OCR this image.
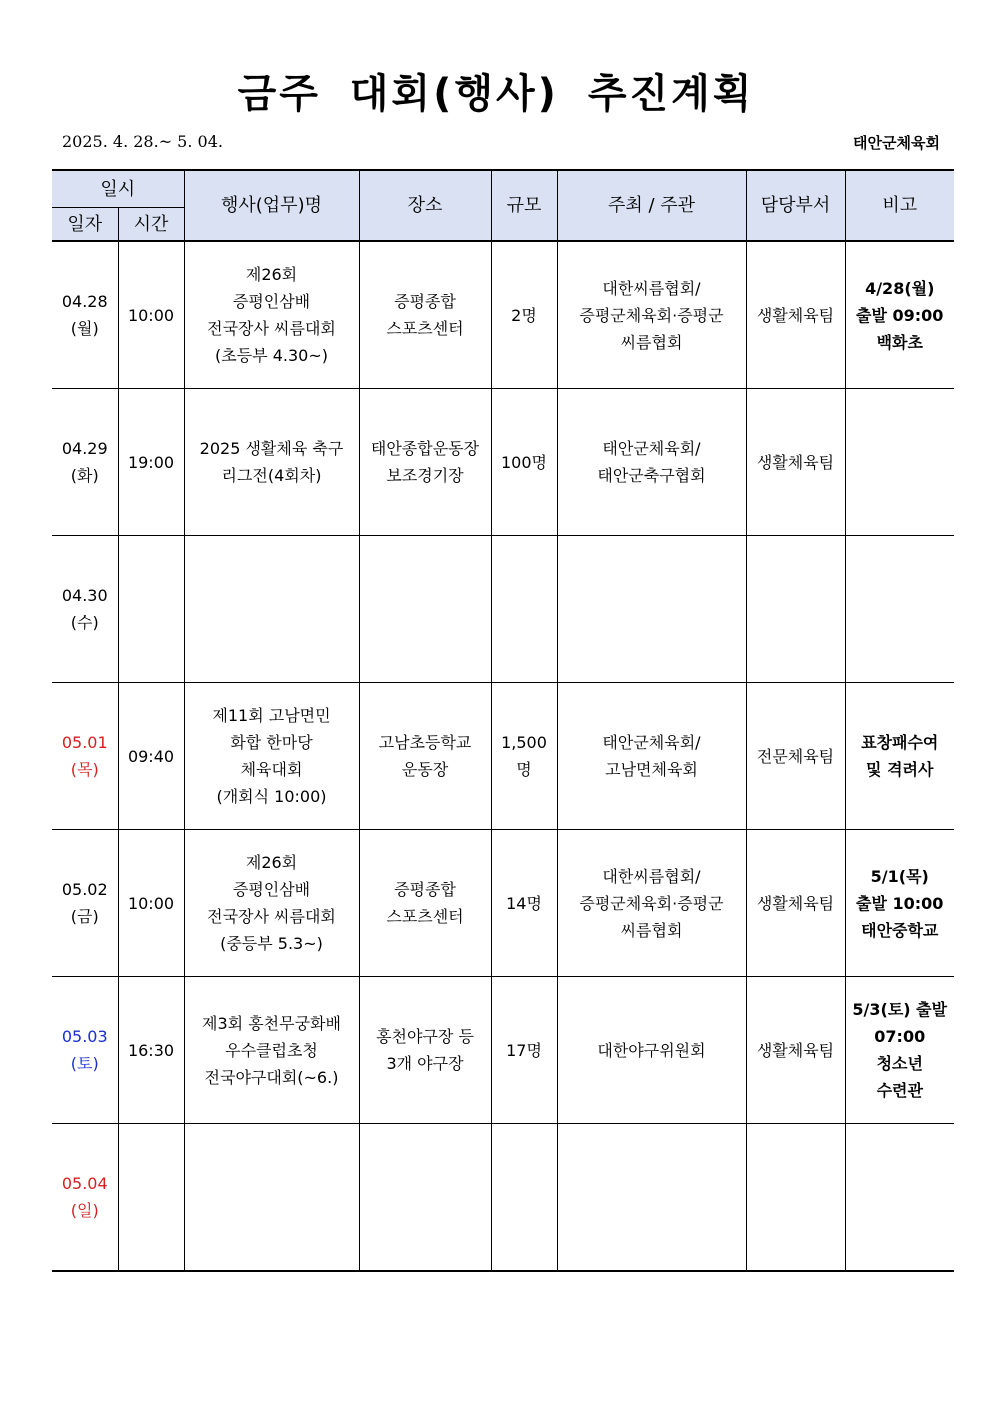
금주 대회(행사) 추진계획
2025. 4. 28.~ 5. 04.	태안군체육회
일시		행사(업무)명	장소	규모	주최 / 주관	담당부서	비고
일자	시간						

04.28
(월)	10:00	제26회
증평인삼배
전국장사 씨름대회
(초등부 4.30~)	증평종합
스포츠센터	2명	대한씨름협회/
증평군체육회·증평군
씨름협회	생활체육팀	4/28(월)
출발 09:00
백화초

04.29
(화)	19:00	2025 생활체육 축구
리그전(4회차)	태안종합운동장
보조경기장	100명	태안군체육회/
태안군축구협회	생활체육팀	

04.30
(수)							

05.01
(목)	09:40	제11회 고남면민
화합 한마당
체육대회
(개회식 10:00)	고남초등학교
운동장	1,500명	태안군체육회/
고남면체육회	전문체육팀	표창패수여
및 격려사

05.02
(금)	10:00	제26회
증평인삼배
전국장사 씨름대회
(중등부 5.3~)	증평종합
스포츠센터	14명	대한씨름협회/
증평군체육회·증평군
씨름협회	생활체육팀	5/1(목)
출발 10:00
태안중학교

05.03
(토)	16:30	제3회 홍천무궁화배
우수클럽초청
전국야구대회(~6.)	홍천야구장 등
3개 야구장	17명	대한야구위원회	생활체육팀	5/3(토) 출발
07:00
청소년
수련관

05.04
(일)							
